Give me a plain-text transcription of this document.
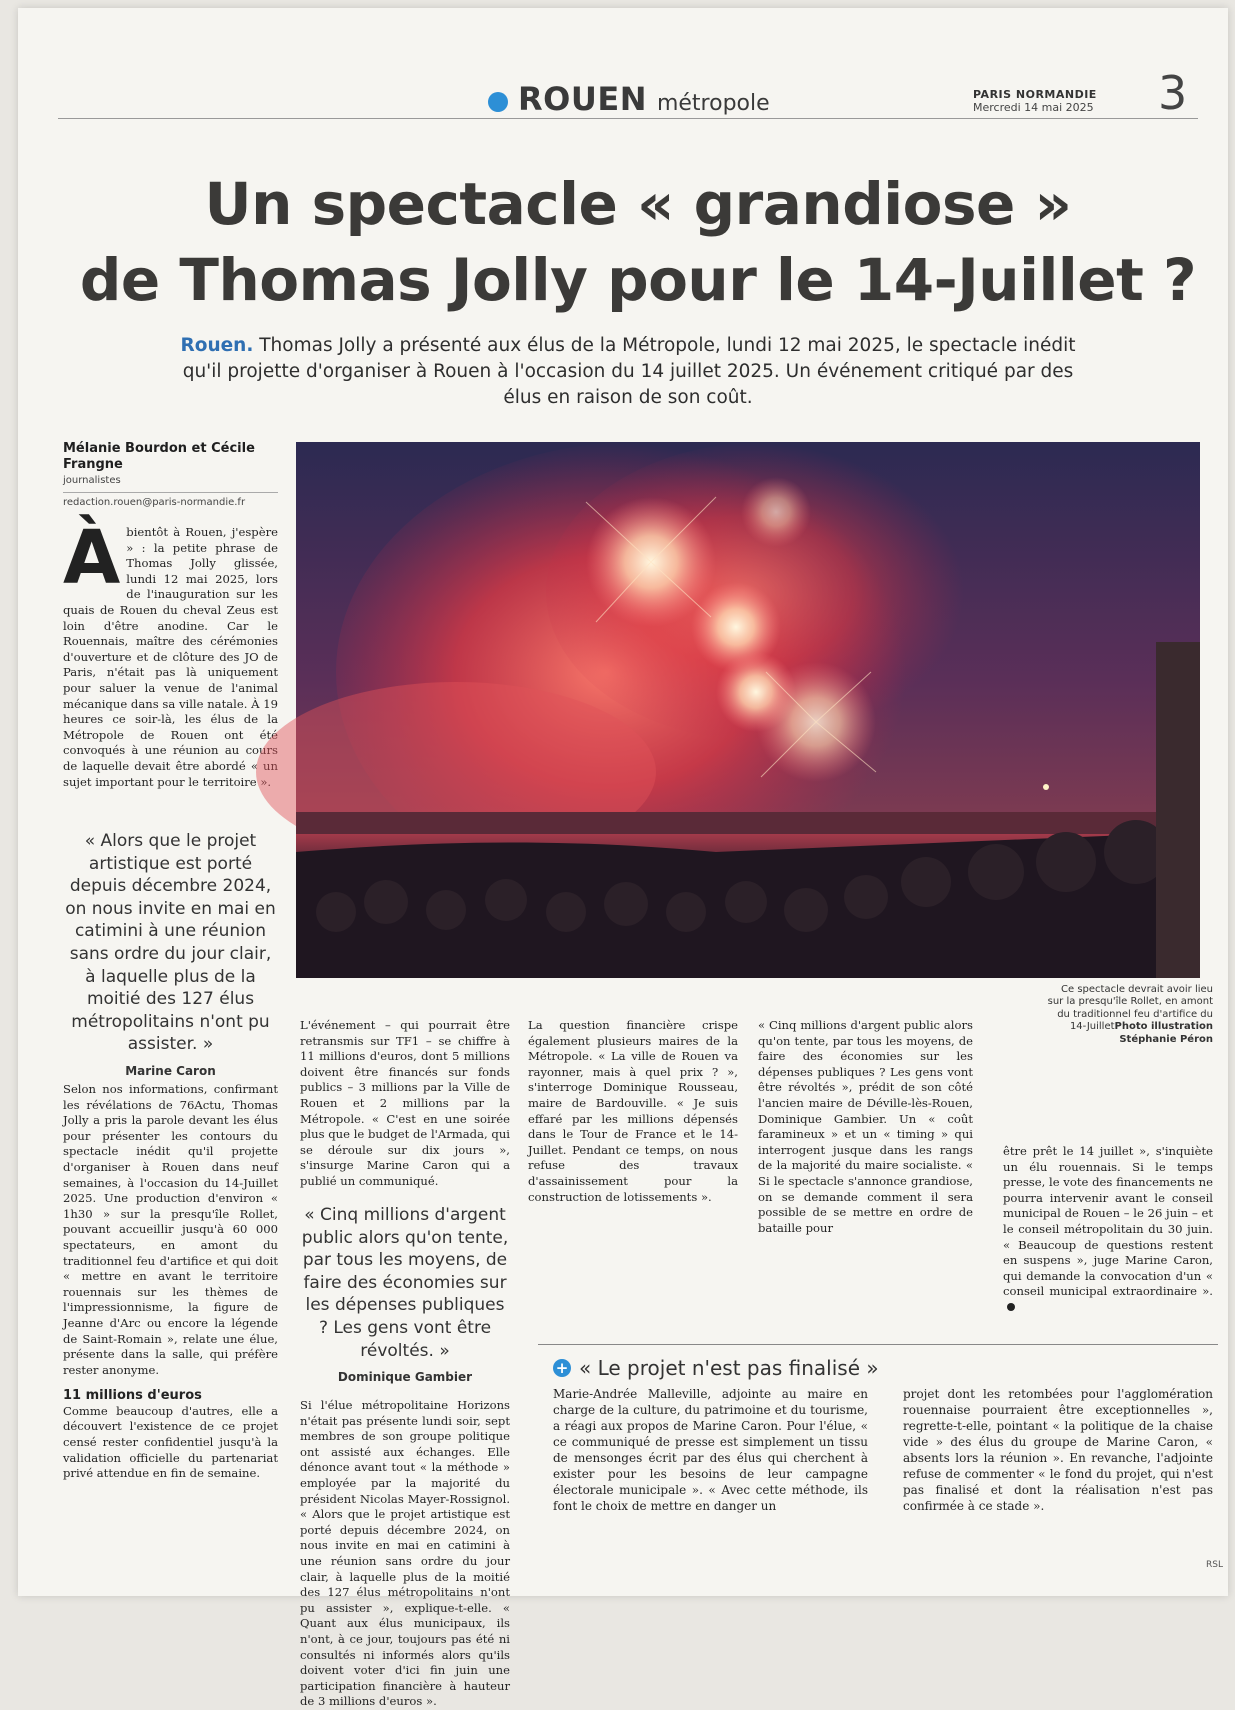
ROUEN métropole	PARIS NORMANDIE
Mercredi 14 mai 2025 3
Un spectacle « grandiose »
de Thomas Jolly pour le 14-Juillet ?

Rouen. Thomas Jolly a présenté aux élus de la Métropole, lundi 12 mai 2025, le spectacle inédit qu'il projette d'organiser à Rouen à l'occasion du 14 juillet 2025. Un événement critiqué par des élus en raison de son coût.

Mélanie Bourdon et Cécile Frangne
journalistes
redaction.rouen@paris-normandie.fr
À bientôt à Rouen, j'espère » : la petite phrase de Thomas Jolly glissée, lundi 12 mai 2025, lors de l'inauguration sur les quais de Rouen du cheval Zeus est loin d'être anodine. Car le Rouennais, maître des cérémonies d'ouverture et de clôture des JO de Paris, n'était pas là uniquement pour saluer la venue de l'animal mécanique dans sa ville natale. À 19 heures ce soir-là, les élus de la Métropole de Rouen ont été convoqués à une réunion au cours de laquelle devait être abordé « un sujet important pour le territoire ».
« Alors que le projet artistique est porté depuis décembre 2024, on nous invite en mai en catimini à une réunion sans ordre du jour clair, à laquelle plus de la moitié des 127 élus métropolitains n'ont pu assister. »
Marine Caron

Selon nos informations, confirmant les révélations de 76Actu, Thomas Jolly a pris la parole devant les élus pour présenter les contours du spectacle inédit qu'il projette d'organiser à Rouen dans neuf semaines, à l'occasion du 14-Juillet 2025. Une production d'environ « 1h30 » sur la presqu'île Rollet, pouvant accueillir jusqu'à 60 000 spectateurs, en amont du traditionnel feu d'artifice et qui doit « mettre en avant le territoire rouennais sur les thèmes de l'impressionnisme, la figure de Jeanne d'Arc ou encore la légende de Saint-Romain », relate une élue, présente dans la salle, qui préfère rester anonyme.

11 millions d'euros

Comme beaucoup d'autres, elle a découvert l'existence de ce projet censé rester confidentiel jusqu'à la validation officielle du partenariat privé attendue en fin de semaine.

Ce spectacle devrait avoir lieu sur la presqu'île Rollet, en amont du traditionnel feu d'artifice du 14-JuilletPhoto illustration Stéphanie Péron

L'événement – qui pourrait être retransmis sur TF1 – se chiffre à 11 millions d'euros, dont 5 millions doivent être financés sur fonds publics – 3 millions par la Ville de Rouen et 2 millions par la Métropole. « C'est en une soirée plus que le budget de l'Armada, qui se déroule sur dix jours », s'insurge Marine Caron qui a publié un communiqué.

« Cinq millions d'argent public alors qu'on tente, par tous les moyens, de faire des économies sur les dépenses publiques ? Les gens vont être révoltés. »
Dominique Gambier

Si l'élue métropolitaine Horizons n'était pas présente lundi soir, sept membres de son groupe politique ont assisté aux échanges. Elle dénonce avant tout « la méthode » employée par la majorité du président Nicolas Mayer-Rossignol. « Alors que le projet artistique est porté depuis décembre 2024, on nous invite en mai en catimini à une réunion sans ordre du jour clair, à laquelle plus de la moitié des 127 élus métropolitains n'ont pu assister », explique-t-elle. « Quant aux élus municipaux, ils n'ont, à ce jour, toujours pas été ni consultés ni informés alors qu'ils doivent voter d'ici fin juin une participation financière à hauteur de 3 millions d'euros ».

La question financière crispe également plusieurs maires de la Métropole. « La ville de Rouen va rayonner, mais à quel prix ? », s'interroge Dominique Rousseau, maire de Bardouville. « Je suis effaré par les millions dépensés dans le Tour de France et le 14-Juillet. Pendant ce temps, on nous refuse des travaux d'assainissement pour la construction de lotissements ».

« Cinq millions d'argent public alors qu'on tente, par tous les moyens, de faire des économies sur les dépenses publiques ? Les gens vont être révoltés », prédit de son côté l'ancien maire de Déville-lès-Rouen, Dominique Gambier. Un « coût faramineux » et un « timing » qui interrogent jusque dans les rangs de la majorité du maire socialiste. « Si le spectacle s'annonce grandiose, on se demande comment il sera possible de se mettre en ordre de bataille pour

être prêt le 14 juillet », s'inquiète un élu rouennais. Si le temps presse, le vote des financements ne pourra intervenir avant le conseil municipal de Rouen – le 26 juin – et le conseil métropolitain du 30 juin. « Beaucoup de questions restent en suspens », juge Marine Caron, qui demande la convocation d'un « conseil municipal extraordinaire ».

+ « Le projet n'est pas finalisé »

Marie-Andrée Malleville, adjointe au maire en charge de la culture, du patrimoine et du tourisme, a réagi aux propos de Marine Caron. Pour l'élue, « ce communiqué de presse est simplement un tissu de mensonges écrit par des élus qui cherchent à exister pour les besoins de leur campagne électorale municipale ». « Avec cette méthode, ils font le choix de mettre en danger un

projet dont les retombées pour l'agglomération rouennaise pourraient être exceptionnelles », regrette-t-elle, pointant « la politique de la chaise vide » des élus du groupe de Marine Caron, « absents lors la réunion ». En revanche, l'adjointe refuse de commenter « le fond du projet, qui n'est pas finalisé et dont la réalisation n'est pas confirmée à ce stade ».

RSL
